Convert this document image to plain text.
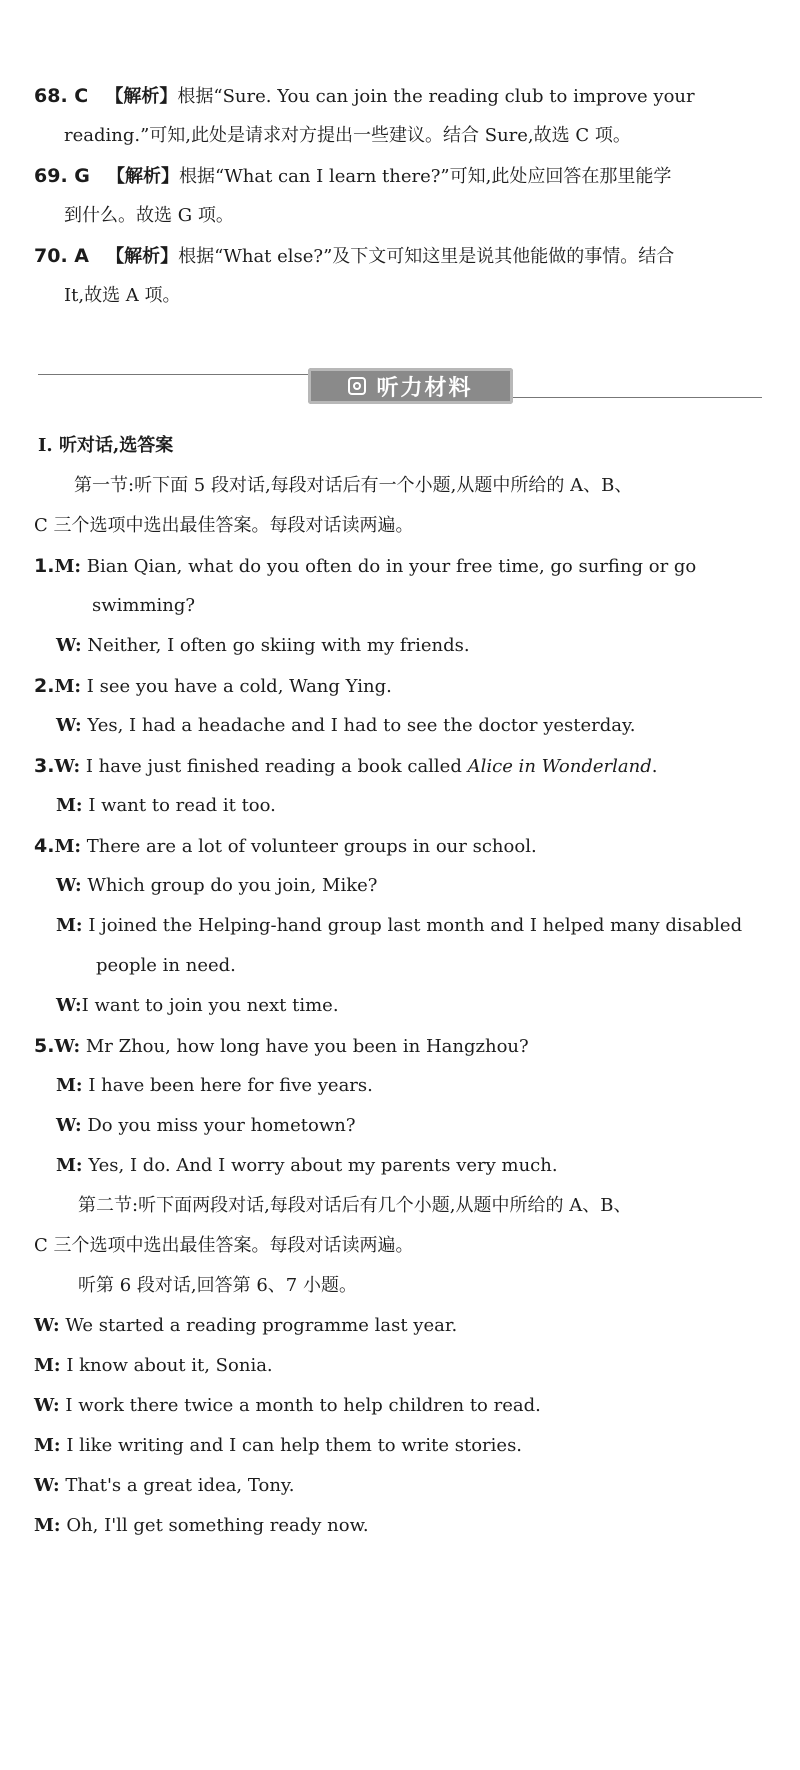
68. C 【解析】根据“Sure. You can join the reading club to improve your
reading.”可知,此处是请求对方提出一些建议。结合 Sure,故选 C 项。
69. G 【解析】根据“What can I learn there?”可知,此处应回答在那里能学
到什么。故选 G 项。
70. A 【解析】根据“What else?”及下文可知这里是说其他能做的事情。结合
It,故选 A 项。
听力材料
Ⅰ. 听对话,选答案
第一节:听下面 5 段对话,每段对话后有一个小题,从题中所给的 A、B、
C 三个选项中选出最佳答案。每段对话读两遍。
1.M: Bian Qian, what do you often do in your free time, go surfing or go
swimming?
W: Neither, I often go skiing with my friends.
2.M: I see you have a cold, Wang Ying.
W: Yes, I had a headache and I had to see the doctor yesterday.
3.W: I have just finished reading a book called Alice in Wonderland.
M: I want to read it too.
4.M: There are a lot of volunteer groups in our school.
W: Which group do you join, Mike?
M: I joined the Helping-hand group last month and I helped many disabled
people in need.
W:I want to join you next time.
5.W: Mr Zhou, how long have you been in Hangzhou?
M: I have been here for five years.
W: Do you miss your hometown?
M: Yes, I do. And I worry about my parents very much.
第二节:听下面两段对话,每段对话后有几个小题,从题中所给的 A、B、
C 三个选项中选出最佳答案。每段对话读两遍。
听第 6 段对话,回答第 6、7 小题。
W: We started a reading programme last year.
M: I know about it, Sonia.
W: I work there twice a month to help children to read.
M: I like writing and I can help them to write stories.
W: That's a great idea, Tony.
M: Oh, I'll get something ready now.
